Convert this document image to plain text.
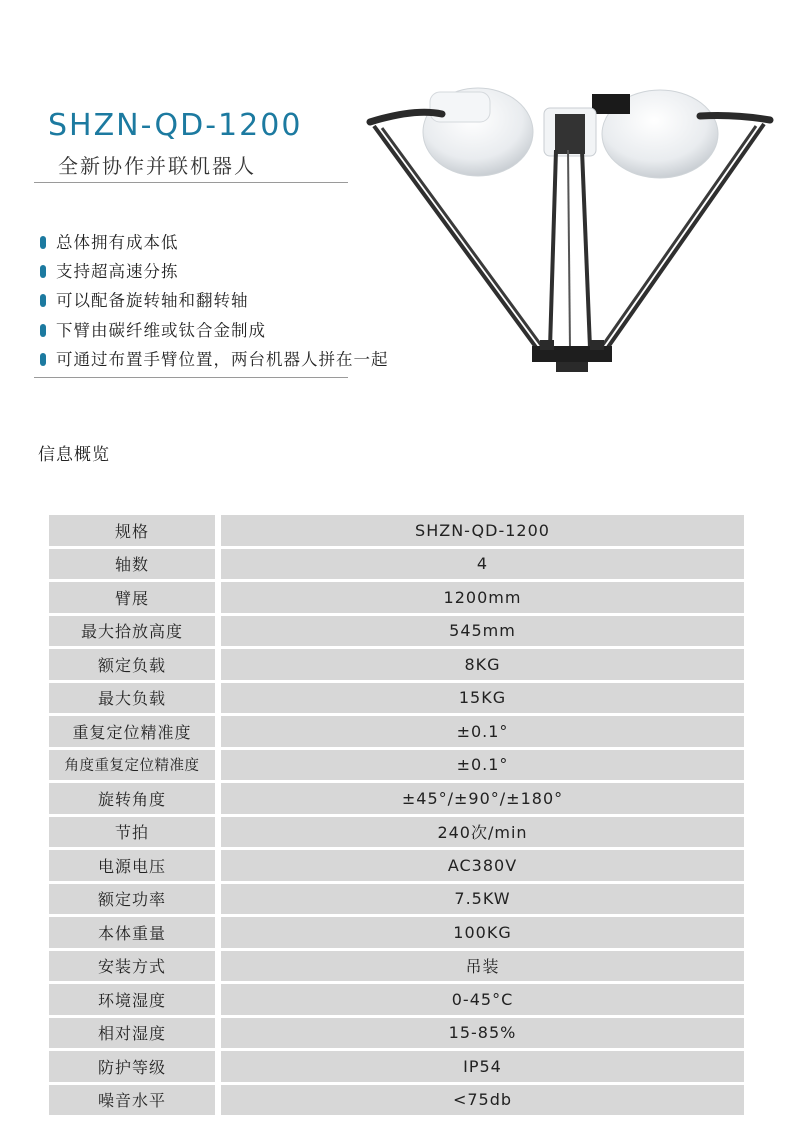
SHZN-QD-1200
全新协作并联机器人
总体拥有成本低
支持超高速分拣
可以配备旋转轴和翻转轴
下臂由碳纤维或钛合金制成
可通过布置手臂位置，两台机器人拼在一起
信息概览
规格	SHZN-QD-1200
轴数	4
臂展	1200mm
最大拾放高度	545mm
额定负载	8KG
最大负载	15KG
重复定位精准度	±0.1°
角度重复定位精准度	±0.1°
旋转角度	±45°/±90°/±180°
节拍	240次/min
电源电压	AC380V
额定功率	7.5KW
本体重量	100KG
安装方式	吊装
环境湿度	0-45°C
相对湿度	15-85%
防护等级	IP54
噪音水平	<75db
